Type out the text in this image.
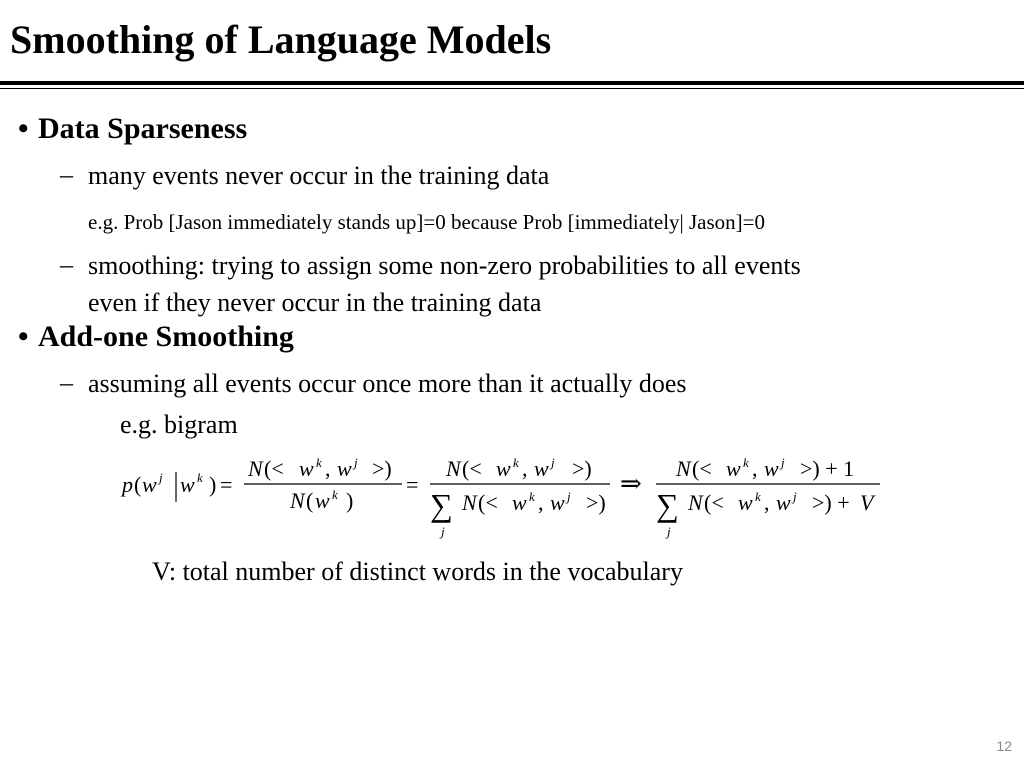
Smoothing of Language Models
• Data Sparseness
– many events never occur in the training data
e.g. Prob [Jason immediately stands up]=0 because Prob [immediately| Jason]=0
– smoothing: trying to assign some non-zero probabilities to all events
even if they never occur in the training data
• Add-one Smoothing
– assuming all events occur once more than it actually does
e.g. bigram
p ( w j w k ) =
N (< w k , w j >)
N ( w k )
=
N (< w k , w j >)
∑
j
N (< w k , w j >)
⇒
N (< w k , w j >) + 1
∑
j
N (< w k , w j >) + V
V: total number of distinct words in the vocabulary
12
